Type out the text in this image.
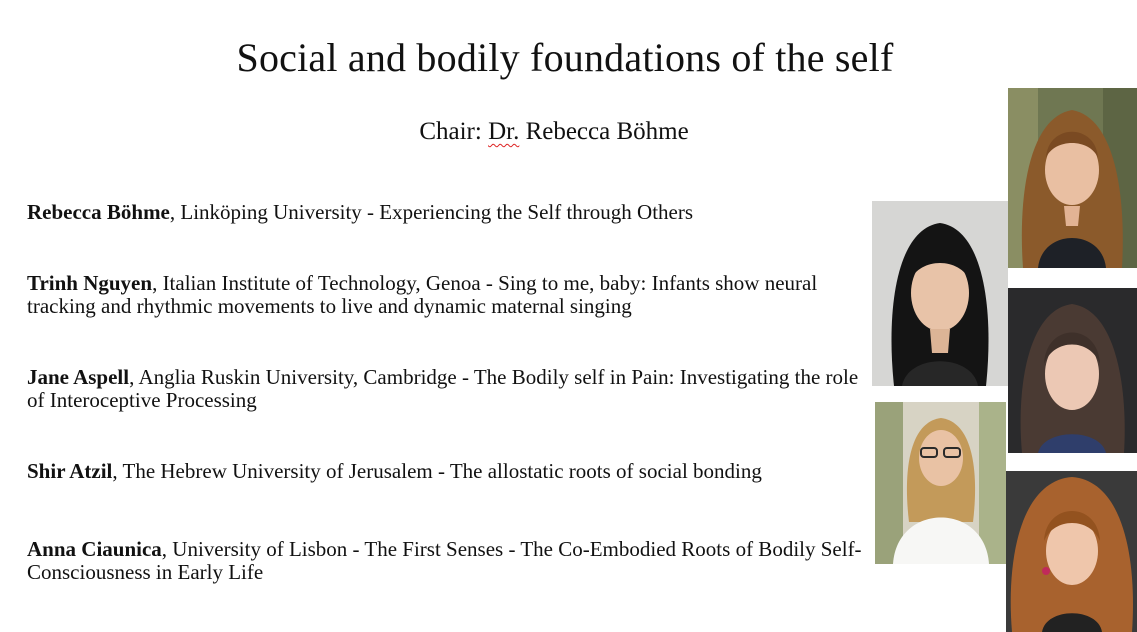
Social and bodily foundations of the self
Chair: Dr. Rebecca Böhme
Rebecca Böhme, Linköping University - Experiencing the Self through Others
Trinh Nguyen, Italian Institute of Technology, Genoa - Sing to me, baby: Infants show neural tracking and rhythmic movements to live and dynamic maternal singing
Jane Aspell, Anglia Ruskin University, Cambridge - The Bodily self in Pain: Investigating the role of Interoceptive Processing
Shir Atzil, The Hebrew University of Jerusalem - The allostatic roots of social bonding
Anna Ciaunica, University of Lisbon - The First Senses - The Co-Embodied Roots of Bodily Self-Consciousness in Early Life
